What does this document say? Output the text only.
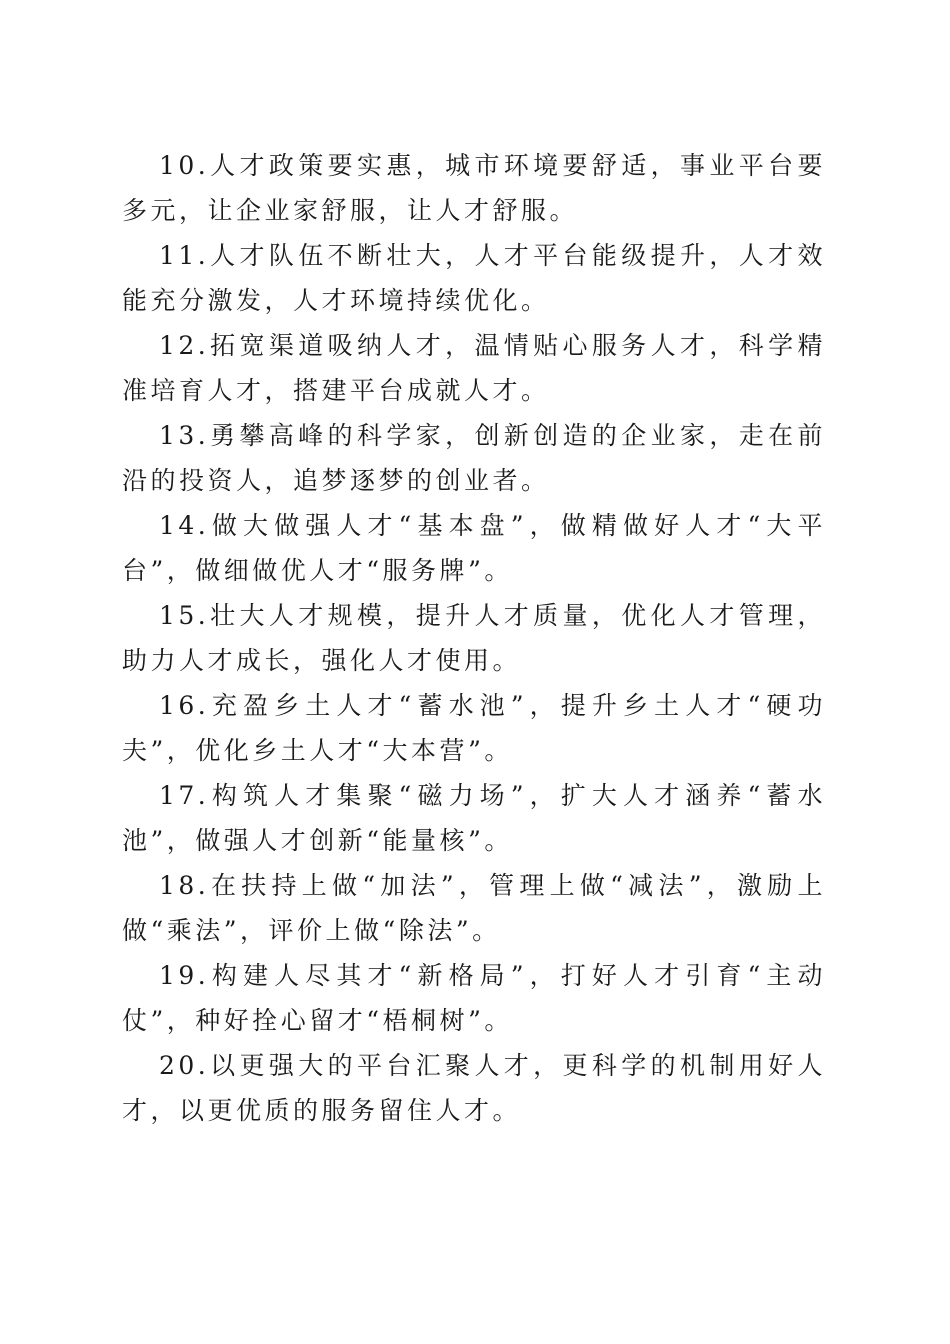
10.人才政策要实惠，城市环境要舒适，事业平台要多元，让企业家舒服，让人才舒服。

11.人才队伍不断壮大，人才平台能级提升，人才效能充分激发，人才环境持续优化。

12.拓宽渠道吸纳人才，温情贴心服务人才，科学精准培育人才，搭建平台成就人才。

13.勇攀高峰的科学家，创新创造的企业家，走在前沿的投资人，追梦逐梦的创业者。

14.做大做强人才“基本盘”，做精做好人才“大平台”，做细做优人才“服务牌”。

15.壮大人才规模，提升人才质量，优化人才管理，助力人才成长，强化人才使用。

16.充盈乡土人才“蓄水池”，提升乡土人才“硬功夫”，优化乡土人才“大本营”。

17.构筑人才集聚“磁力场”，扩大人才涵养“蓄水池”，做强人才创新“能量核”。

18.在扶持上做“加法”，管理上做“减法”，激励上做“乘法”，评价上做“除法”。

19.构建人尽其才“新格局”，打好人才引育“主动仗”，种好拴心留才“梧桐树”。

20.以更强大的平台汇聚人才，更科学的机制用好人才，以更优质的服务留住人才。
